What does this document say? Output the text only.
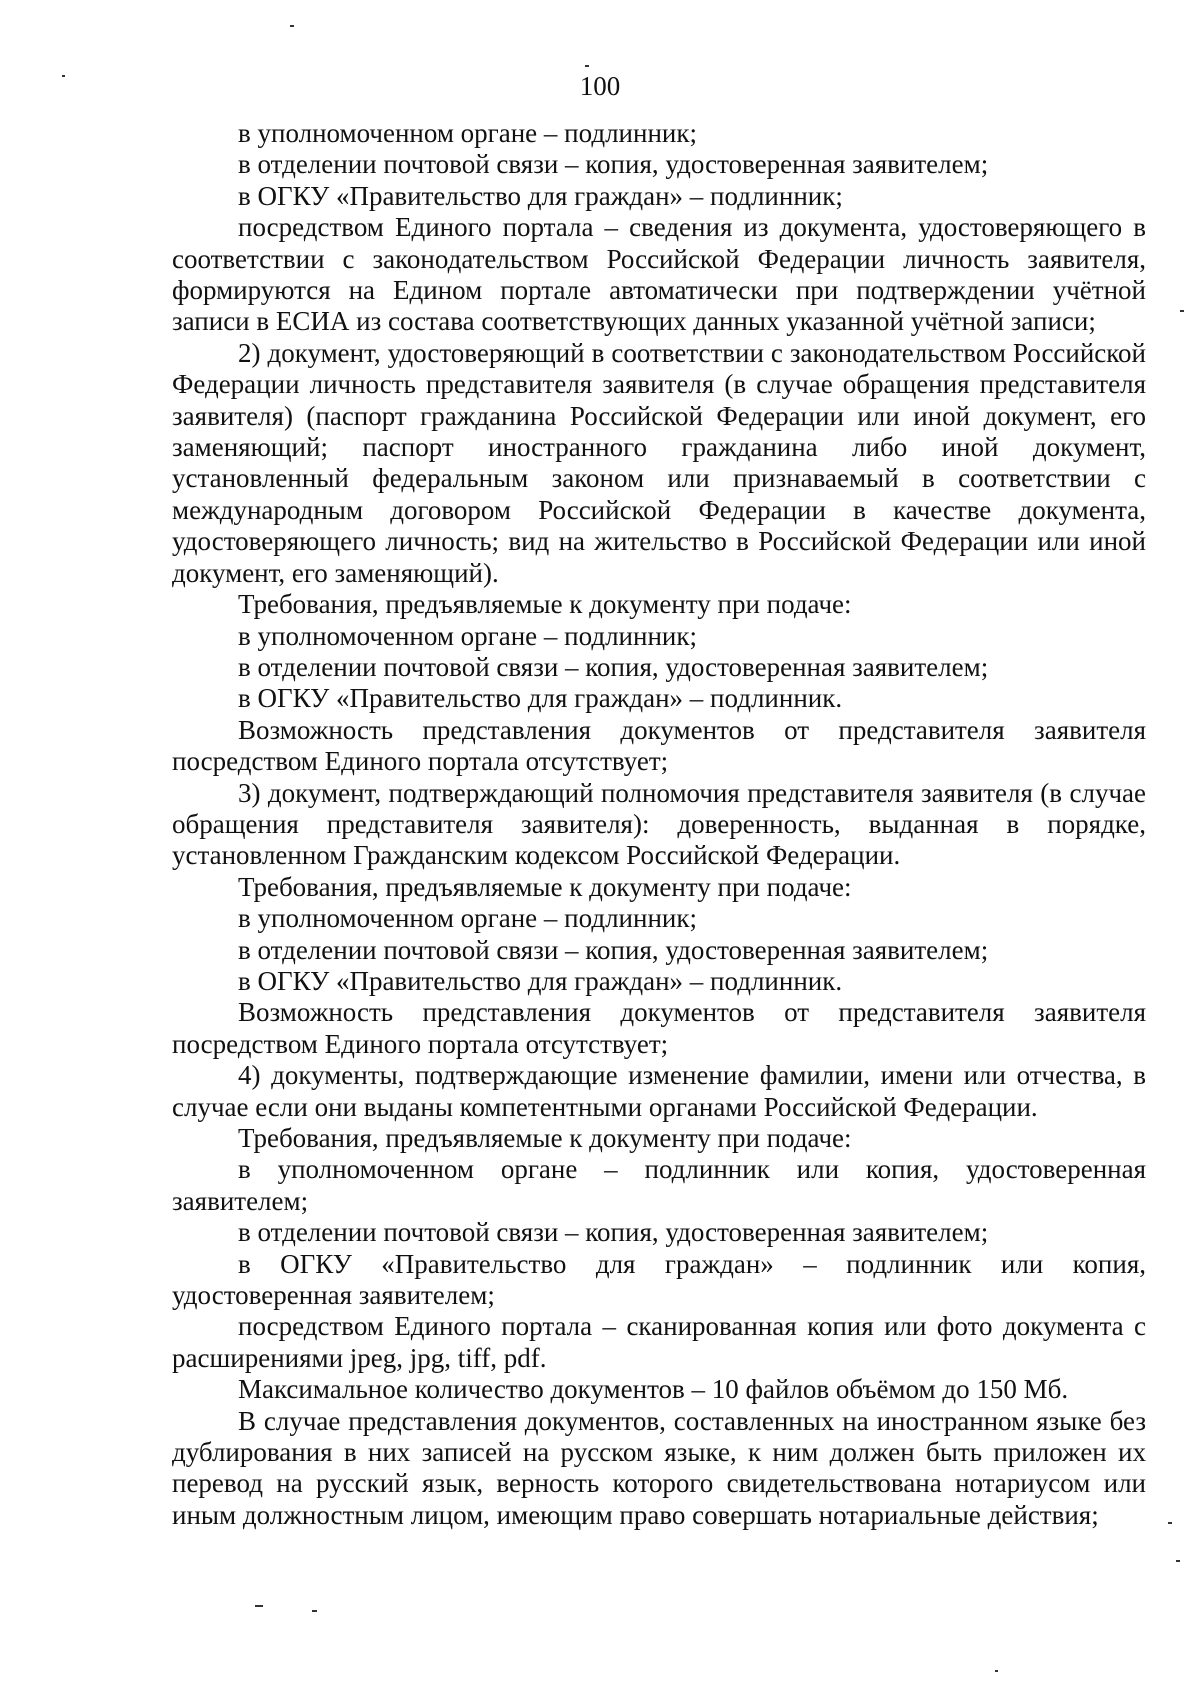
100

в уполномоченном органе – подлинник;

в отделении почтовой связи – копия, удостоверенная заявителем;

в ОГКУ «Правительство для граждан» – подлинник;

посредством Единого портала – сведения из документа, удостоверяющего в соответствии с законодательством Российской Федерации личность заявителя, формируются на Едином портале автоматически при подтверждении учётной записи в ЕСИА из состава соответствующих данных указанной учётной записи;

2) документ, удостоверяющий в соответствии с законодательством Российской Федерации личность представителя заявителя (в случае обращения представителя заявителя) (паспорт гражданина Российской Федерации или иной документ, его заменяющий; паспорт иностранного гражданина либо иной документ, установленный федеральным законом или признаваемый в соответствии с международным договором Российской Федерации в качестве документа, удостоверяющего личность; вид на жительство в Российской Федерации или иной документ, его заменяющий).

Требования, предъявляемые к документу при подаче:

в уполномоченном органе – подлинник;

в отделении почтовой связи – копия, удостоверенная заявителем;

в ОГКУ «Правительство для граждан» – подлинник.

Возможность представления документов от представителя заявителя посредством Единого портала отсутствует;

3) документ, подтверждающий полномочия представителя заявителя (в случае обращения представителя заявителя): доверенность, выданная в порядке, установленном Гражданским кодексом Российской Федерации.

Требования, предъявляемые к документу при подаче:

в уполномоченном органе – подлинник;

в отделении почтовой связи – копия, удостоверенная заявителем;

в ОГКУ «Правительство для граждан» – подлинник.

Возможность представления документов от представителя заявителя посредством Единого портала отсутствует;

4) документы, подтверждающие изменение фамилии, имени или отчества, в случае если они выданы компетентными органами Российской Федерации.

Требования, предъявляемые к документу при подаче:

в уполномоченном органе – подлинник или копия, удостоверенная заявителем;

в отделении почтовой связи – копия, удостоверенная заявителем;

в ОГКУ «Правительство для граждан» – подлинник или копия, удостоверенная заявителем;

посредством Единого портала – сканированная копия или фото документа с расширениями jpeg, jpg, tiff, pdf.

Максимальное количество документов – 10 файлов объёмом до 150 Мб.

В случае представления документов, составленных на иностранном языке без дублирования в них записей на русском языке, к ним должен быть приложен их перевод на русский язык, верность которого свидетельствована нотариусом или иным должностным лицом, имеющим право совершать нотариальные действия;
